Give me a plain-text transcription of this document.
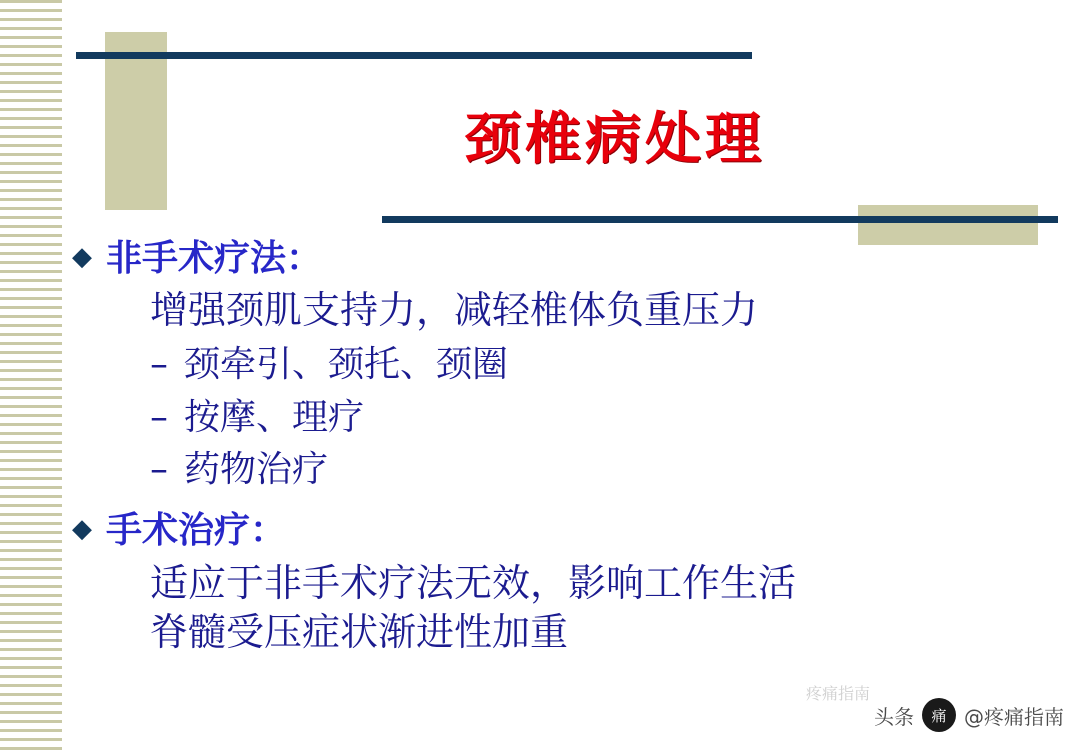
颈椎病处理
◆ 非手术疗法：
增强颈肌支持力，减轻椎体负重压力
– 颈牵引、颈托、颈圈
– 按摩、理疗
– 药物治疗
◆ 手术治疗：
适应于非手术疗法无效，影响工作生活
脊髓受压症状渐进性加重
疼痛指南
头条	痛 @疼痛指南
